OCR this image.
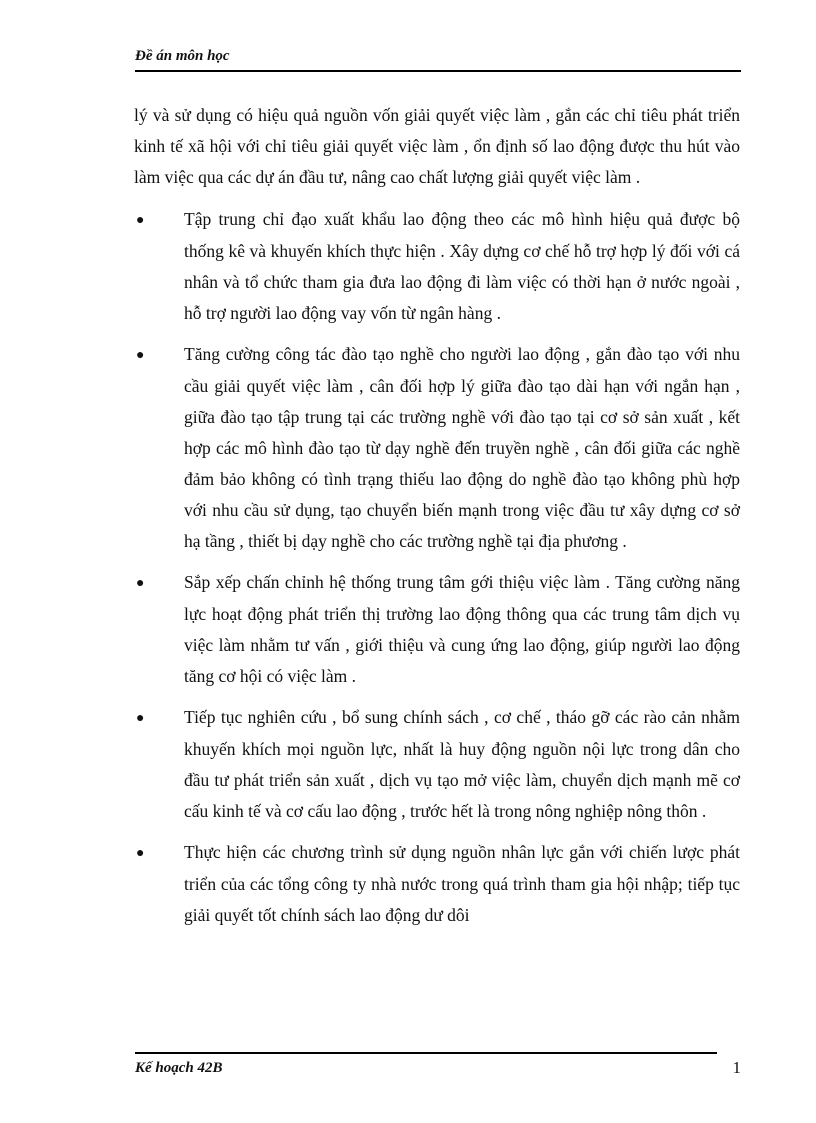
Đề án môn học

lý và sử dụng có hiệu quả nguồn vốn giải quyết việc làm , gắn các chỉ tiêu phát triển kinh tế xã hội với chỉ tiêu giải quyết việc làm , ổn định số lao động được thu hút vào làm việc qua các dự án đầu tư, nâng cao chất lượng giải quyết việc làm .

● Tập trung chỉ đạo xuất khẩu lao động theo các mô hình hiệu quả được bộ thống kê và khuyến khích thực hiện . Xây dựng cơ chế hỗ trợ hợp lý đối với cá nhân và tổ chức tham gia đưa lao động đi làm việc có thời hạn ở nước ngoài , hỗ trợ người lao động vay vốn từ ngân hàng .
● Tăng cường công tác đào tạo nghề cho người lao động , gắn đào tạo với nhu cầu giải quyết việc làm , cân đối hợp lý giữa đào tạo dài hạn với ngắn hạn , giữa đào tạo tập trung tại các trường nghề với đào tạo tại cơ sở sản xuất , kết hợp các mô hình đào tạo từ dạy nghề đến truyền nghề , cân đối giữa các nghề đảm bảo không có tình trạng thiếu lao động do nghề đào tạo không phù hợp với nhu cầu sử dụng, tạo chuyển biến mạnh trong việc đầu tư xây dựng cơ sở hạ tầng , thiết bị dạy nghề cho các trường nghề tại địa phương .
● Sắp xếp chấn chỉnh hệ thống trung tâm gới thiệu việc làm . Tăng cường năng lực hoạt động phát triển thị trường lao động thông qua các trung tâm dịch vụ việc làm nhằm tư vấn , giới thiệu và cung ứng lao động, giúp người lao động tăng cơ hội có việc làm .
● Tiếp tục nghiên cứu , bổ sung chính sách , cơ chế , tháo gỡ các rào cản nhằm khuyến khích mọi nguồn lực, nhất là huy động nguồn nội lực trong dân cho đầu tư phát triển sản xuất , dịch vụ tạo mở việc làm, chuyển dịch mạnh mẽ cơ cấu kinh tế và cơ cấu lao động , trước hết là trong nông nghiệp nông thôn .
● Thực hiện các chương trình sử dụng nguồn nhân lực gắn với chiến lược phát triển của các tổng công ty nhà nước trong quá trình tham gia hội nhập; tiếp tục giải quyết tốt chính sách lao động dư dôi
Kế hoạch 42B	1
